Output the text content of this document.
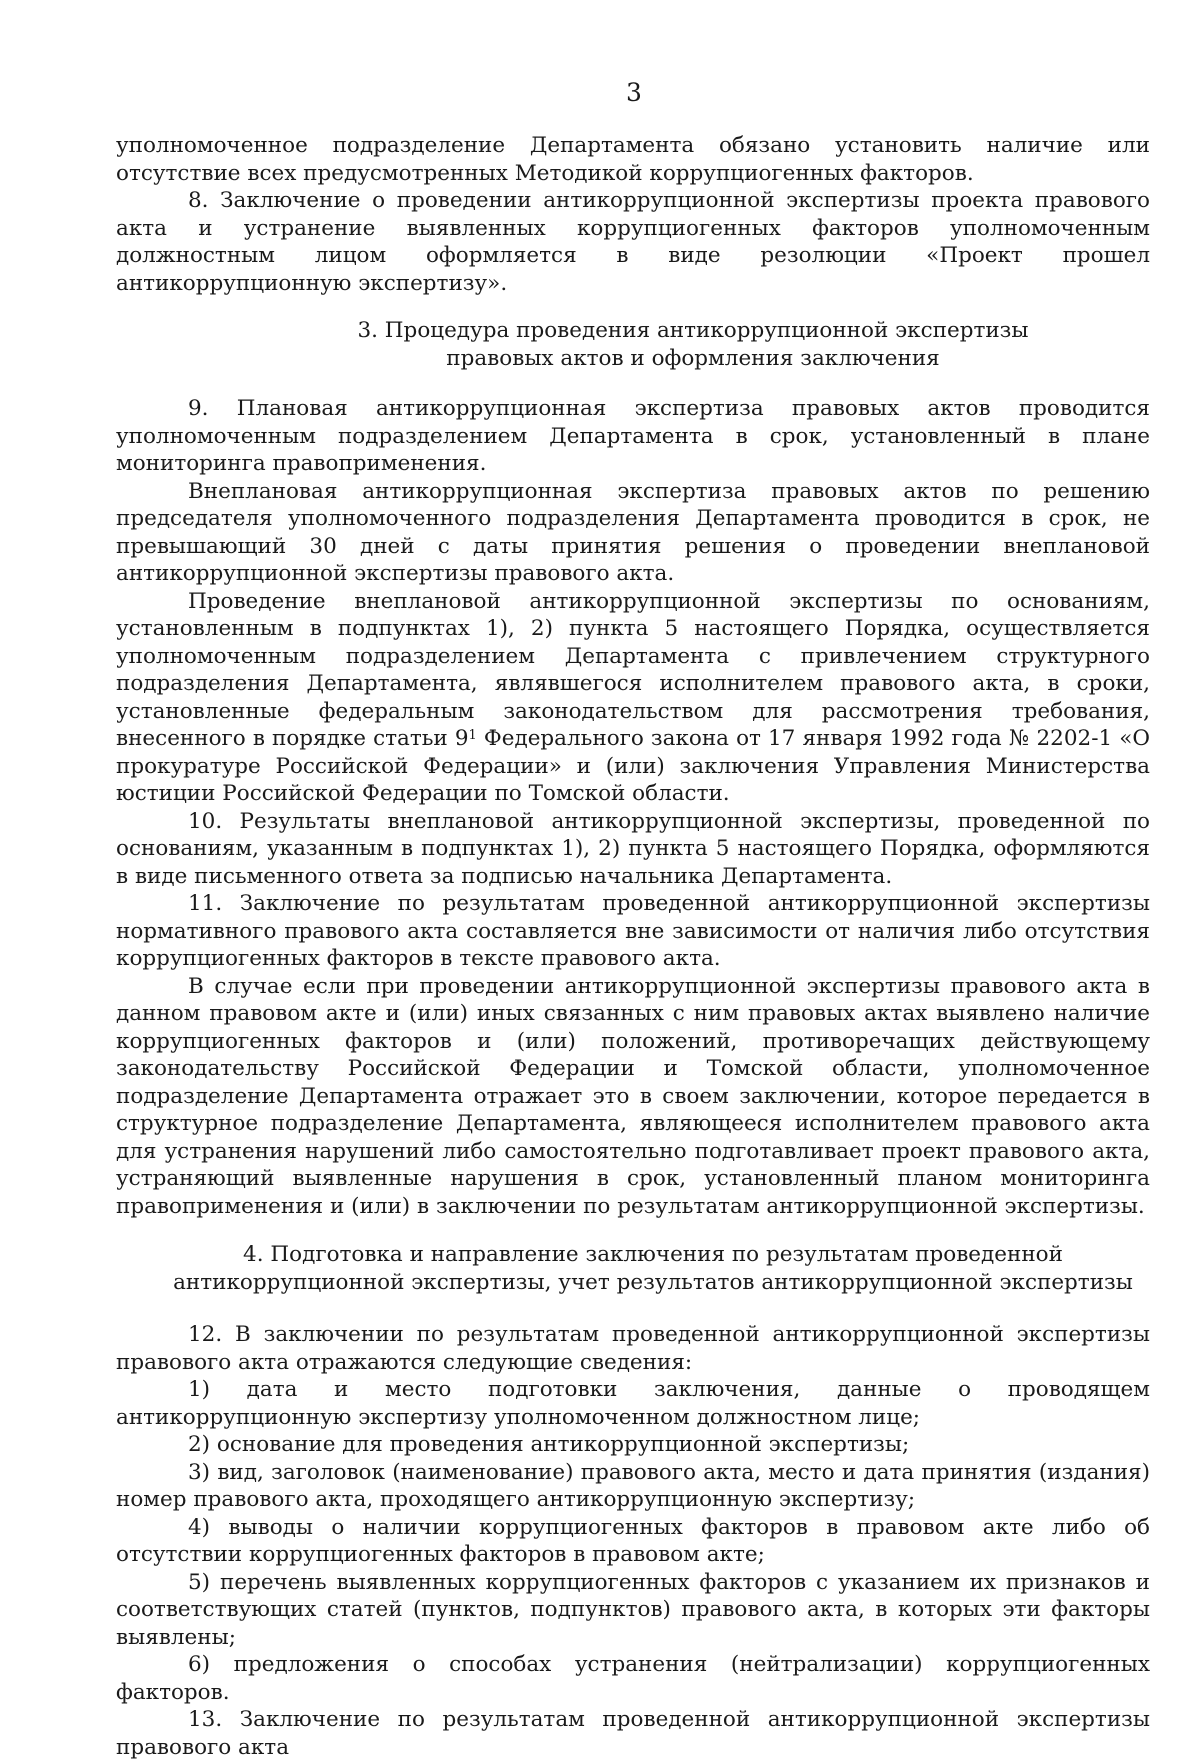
3

уполномоченное подразделение Департамента обязано установить наличие или отсутствие всех предусмотренных Методикой коррупциогенных факторов.

8. Заключение о проведении антикоррупционной экспертизы проекта правового акта и устранение выявленных коррупциогенных факторов уполномоченным должностным лицом оформляется в виде резолюции «Проект прошел антикоррупционную экспертизу».

3. Процедура проведения антикоррупционной экспертизы
правовых актов и оформления заключения

9. Плановая антикоррупционная экспертиза правовых актов проводится уполномоченным подразделением Департамента в срок, установленный в плане мониторинга правоприменения.

Внеплановая антикоррупционная экспертиза правовых актов по решению председателя уполномоченного подразделения Департамента проводится в срок, не превышающий 30 дней с даты принятия решения о проведении внеплановой антикоррупционной экспертизы правового акта.

Проведение внеплановой антикоррупционной экспертизы по основаниям, установленным в подпунктах 1), 2) пункта 5 настоящего Порядка, осуществляется уполномоченным подразделением Департамента с привлечением структурного подразделения Департамента, являвшегося исполнителем правового акта, в сроки, установленные федеральным законодательством для рассмотрения требования, внесенного в порядке статьи $9^1$ Федерального закона от 17 января 1992 года № 2202-1 «О прокуратуре Российской Федерации» и (или) заключения Управления Министерства юстиции Российской Федерации по Томской области.

10. Результаты внеплановой антикоррупционной экспертизы, проведенной по основаниям, указанным в подпунктах 1), 2) пункта 5 настоящего Порядка, оформляются в виде письменного ответа за подписью начальника Департамента.

11. Заключение по результатам проведенной антикоррупционной экспертизы нормативного правового акта составляется вне зависимости от наличия либо отсутствия коррупциогенных факторов в тексте правового акта.

В случае если при проведении антикоррупционной экспертизы правового акта в данном правовом акте и (или) иных связанных с ним правовых актах выявлено наличие коррупциогенных факторов и (или) положений, противоречащих действующему законодательству Российской Федерации и Томской области, уполномоченное подразделение Департамента отражает это в своем заключении, которое передается в структурное подразделение Департамента, являющееся исполнителем правового акта для устранения нарушений либо самостоятельно подготавливает проект правового акта, устраняющий выявленные нарушения в срок, установленный планом мониторинга правоприменения и (или) в заключении по результатам антикоррупционной экспертизы.

4. Подготовка и направление заключения по результатам проведенной
антикоррупционной экспертизы, учет результатов антикоррупционной экспертизы

12. В заключении по результатам проведенной антикоррупционной экспертизы правового акта отражаются следующие сведения:

1) дата и место подготовки заключения, данные о проводящем антикоррупционную экспертизу уполномоченном должностном лице;

2) основание для проведения антикоррупционной экспертизы;

3) вид, заголовок (наименование) правового акта, место и дата принятия (издания) номер правового акта, проходящего антикоррупционную экспертизу;

4) выводы о наличии коррупциогенных факторов в правовом акте либо об отсутствии коррупциогенных факторов в правовом акте;

5) перечень выявленных коррупциогенных факторов с указанием их признаков и соответствующих статей (пунктов, подпунктов) правового акта, в которых эти факторы выявлены;

6) предложения о способах устранения (нейтрализации) коррупциогенных факторов.

13. Заключение по результатам проведенной антикоррупционной экспертизы правового акта
